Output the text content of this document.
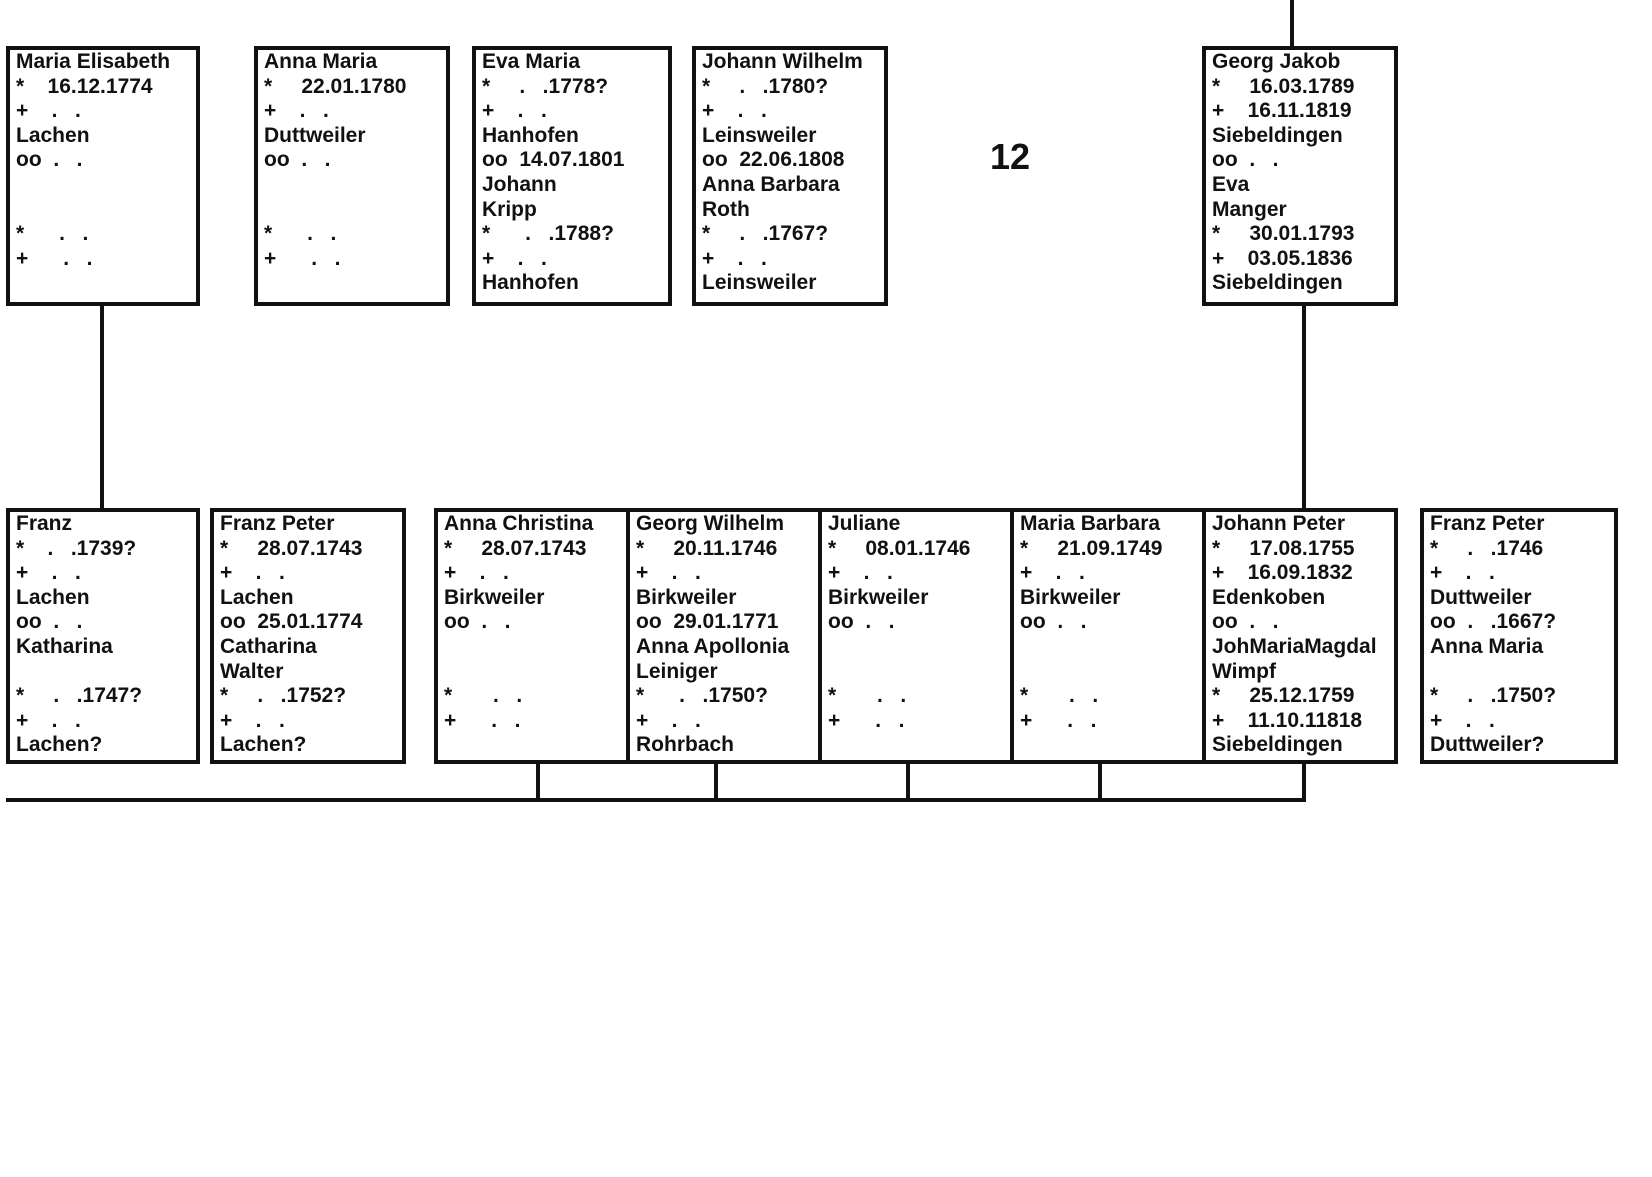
12
Maria Elisabeth
*    16.12.1774
+    .   .
Lachen
oo  .   .
*      .   .
+      .   .
Anna Maria
*     22.01.1780
+    .   .
Duttweiler
oo  .   .
*      .   .
+      .   .
Eva Maria
*     .   .1778?
+    .   .
Hanhofen
oo  14.07.1801
Johann
Kripp
*      .   .1788?
+    .   .
Hanhofen
Johann Wilhelm
*     .   .1780?
+    .   .
Leinsweiler
oo  22.06.1808
Anna Barbara
Roth
*     .   .1767?
+    .   .
Leinsweiler
Georg Jakob
*     16.03.1789
+    16.11.1819
Siebeldingen
oo  .   .
Eva
Manger
*     30.01.1793
+    03.05.1836
Siebeldingen
Franz
*    .   .1739?
+    .   .
Lachen
oo  .   .
Katharina
*     .   .1747?
+    .   .
Lachen?
Franz Peter
*     28.07.1743
+    .   .
Lachen
oo  25.01.1774
Catharina
Walter
*     .   .1752?
+    .   .
Lachen?
Anna Christina
*     28.07.1743
+    .   .
Birkweiler
oo  .   .
*       .   .
+      .   .
Georg Wilhelm
*     20.11.1746
+    .   .
Birkweiler
oo  29.01.1771
Anna Apollonia
Leiniger
*      .   .1750?
+    .   .
Rohrbach
Juliane
*     08.01.1746
+    .   .
Birkweiler
oo  .   .
*       .   .
+      .   .
Maria Barbara
*     21.09.1749
+    .   .
Birkweiler
oo  .   .
*       .   .
+      .   .
Johann Peter
*     17.08.1755
+    16.09.1832
Edenkoben
oo  .   .
JohMariaMagdal
Wimpf
*     25.12.1759
+    11.10.11818
Siebeldingen
Franz Peter
*     .   .1746
+    .   .
Duttweiler
oo  .   .1667?
Anna Maria
*     .   .1750?
+    .   .
Duttweiler?
